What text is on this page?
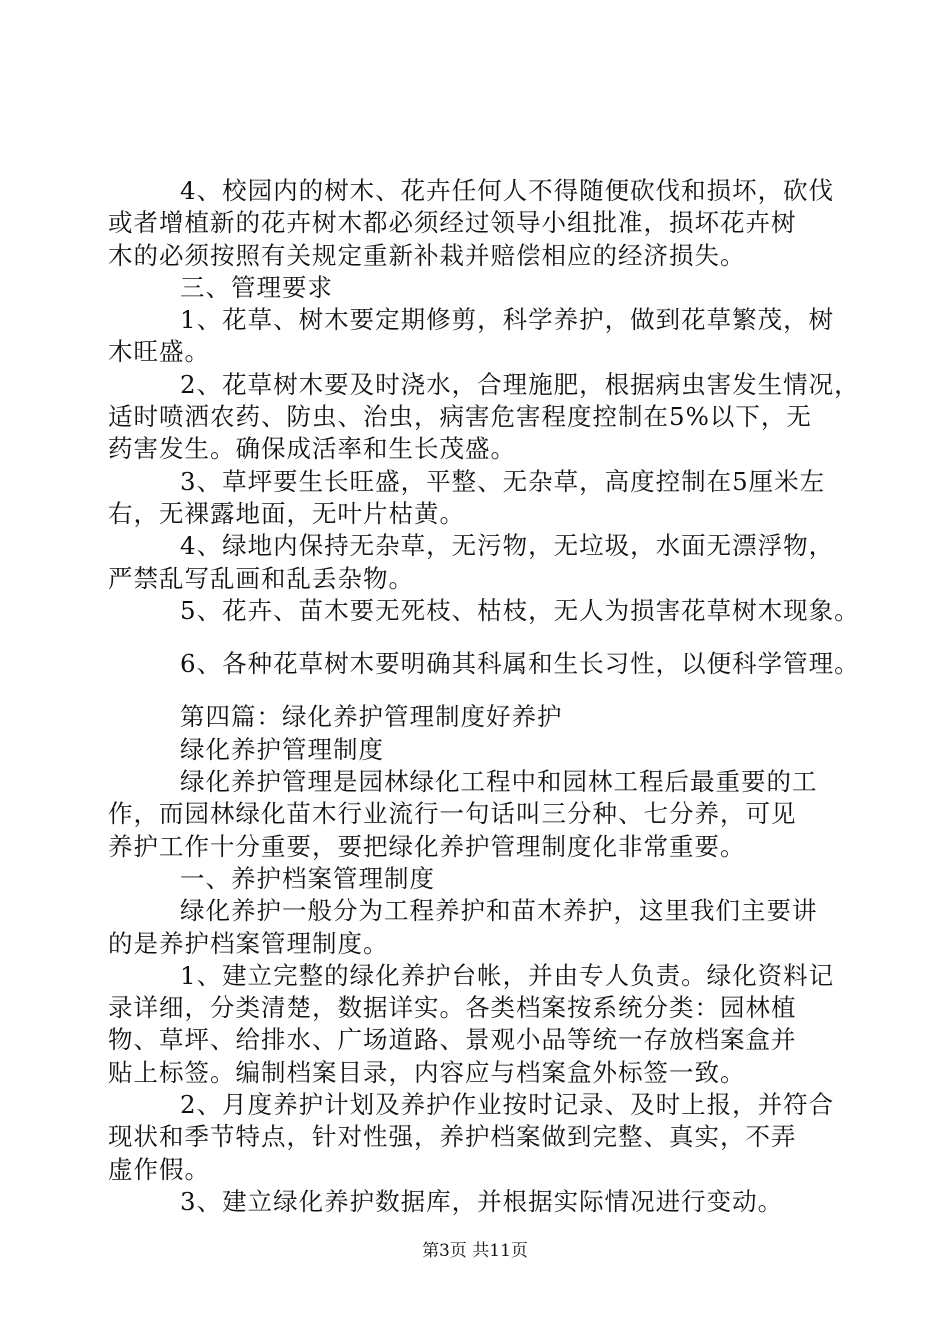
4、校园内的树木、花卉任何人不得随便砍伐和损坏，砍伐
或者增植新的花卉树木都必须经过领导小组批准，损坏花卉树
木的必须按照有关规定重新补栽并赔偿相应的经济损失。
三、管理要求
1、花草、树木要定期修剪，科学养护，做到花草繁茂，树
木旺盛。
2、花草树木要及时浇水，合理施肥，根据病虫害发生情况，
适时喷洒农药、防虫、治虫，病害危害程度控制在5%以下，无
药害发生。确保成活率和生长茂盛。
3、草坪要生长旺盛，平整、无杂草，高度控制在5厘米左
右，无裸露地面，无叶片枯黄。
4、绿地内保持无杂草，无污物，无垃圾，水面无漂浮物，
严禁乱写乱画和乱丢杂物。
5、花卉、苗木要无死枝、枯枝，无人为损害花草树木现象。
6、各种花草树木要明确其科属和生长习性，以便科学管理。
第四篇：绿化养护管理制度好养护
绿化养护管理制度
绿化养护管理是园林绿化工程中和园林工程后最重要的工
作，而园林绿化苗木行业流行一句话叫三分种、七分养，可见
养护工作十分重要，要把绿化养护管理制度化非常重要。
一、养护档案管理制度
绿化养护一般分为工程养护和苗木养护，这里我们主要讲
的是养护档案管理制度。
1、建立完整的绿化养护台帐，并由专人负责。绿化资料记
录详细，分类清楚，数据详实。各类档案按系统分类：园林植
物、草坪、给排水、广场道路、景观小品等统一存放档案盒并
贴上标签。编制档案目录，内容应与档案盒外标签一致。
2、月度养护计划及养护作业按时记录、及时上报，并符合
现状和季节特点，针对性强，养护档案做到完整、真实，不弄
虚作假。
3、建立绿化养护数据库，并根据实际情况进行变动。
第3页 共11页
